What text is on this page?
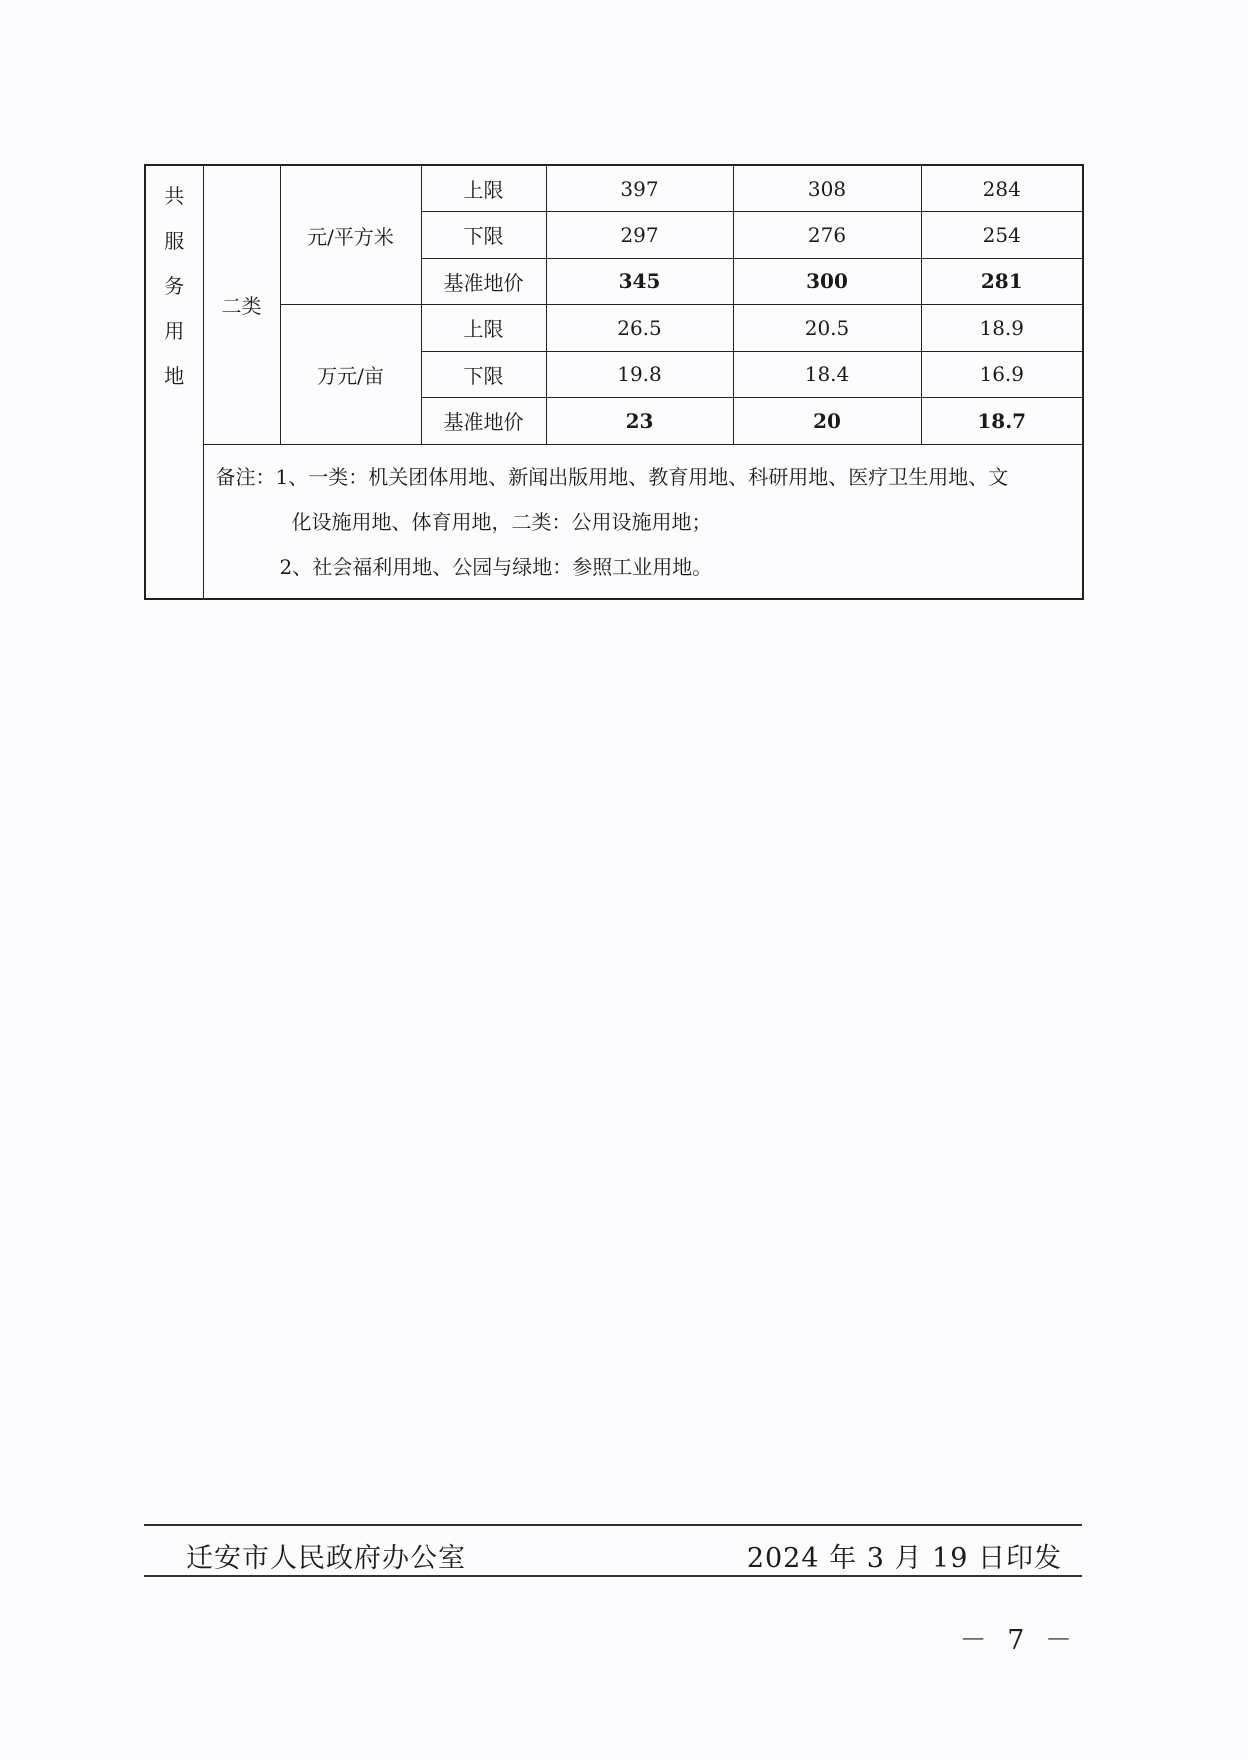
共
服
务
用
地	二类	元/平方米	上限	397	308	284
			下限	297	276	254
			基准地价	345	300	281
		万元/亩	上限	26.5	20.5	18.9
			下限	19.8	18.4	16.9
			基准地价	23	20	18.7

	备注：1、一类：机关团体用地、新闻出版用地、教育用地、科研用地、医疗卫生用地、文
化设施用地、体育用地，二类：公用设施用地；
2、社会福利用地、公园与绿地：参照工业用地。					
迁安市人民政府办公室	2024 年 3 月 19 日印发
－ 7 －
